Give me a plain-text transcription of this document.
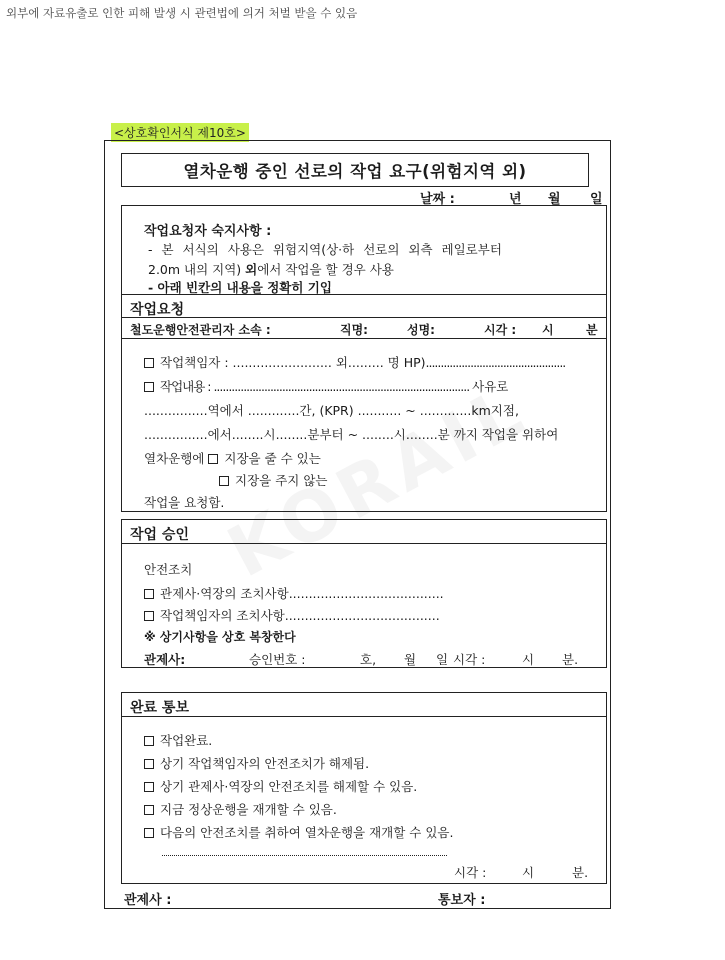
외부에 자료유출로 인한 피해 발생 시 관련법에 의거 처벌 받을 수 있음
<상호확인서식 제10호>
열차운행 중인 선로의 작업 요구(위험지역 외)
날짜 :	년 월 일
작업요청자 숙지사항 :
- 본 서식의 사용은 위험지역(상·하 선로의 외측 레일로부터
2.0m 내의 지역) 외에서 작업을 할 경우 사용
- 아래 빈칸의 내용을 정확히 기입
작업요청
철도운행안전관리자 소속 :	직명:	성명:	시각 : 시	분
작업책임자 : ......................... 외......... 명 HP)...............................................
작업내용 : ...................................................................................... 사유로
................역에서 .............간, (KPR) ........... ~ .............km지점,
................에서........시........분부터 ~ ........시........분 까지 작업을 위하여
열차운행에 지장을 줄 수 있는
지장을 주지 않는
작업을 요청함.
작업 승인
안전조치
관제사·역장의 조치사항.......................................
작업책임자의 조치사항.......................................
※ 상기사항을 상호 복창한다
관제사:	승인번호 :	호, 월 일 시각 :	시 분.
완료 통보
작업완료.
상기 작업책임자의 안전조치가 해제됨.
상기 관제사·역장의 안전조치를 해제할 수 있음.
지금 정상운행을 재개할 수 있음.
다음의 안전조치를 취하여 열차운행을 재개할 수 있음.
시각 :	시	분.
관제사 :	통보자 :
